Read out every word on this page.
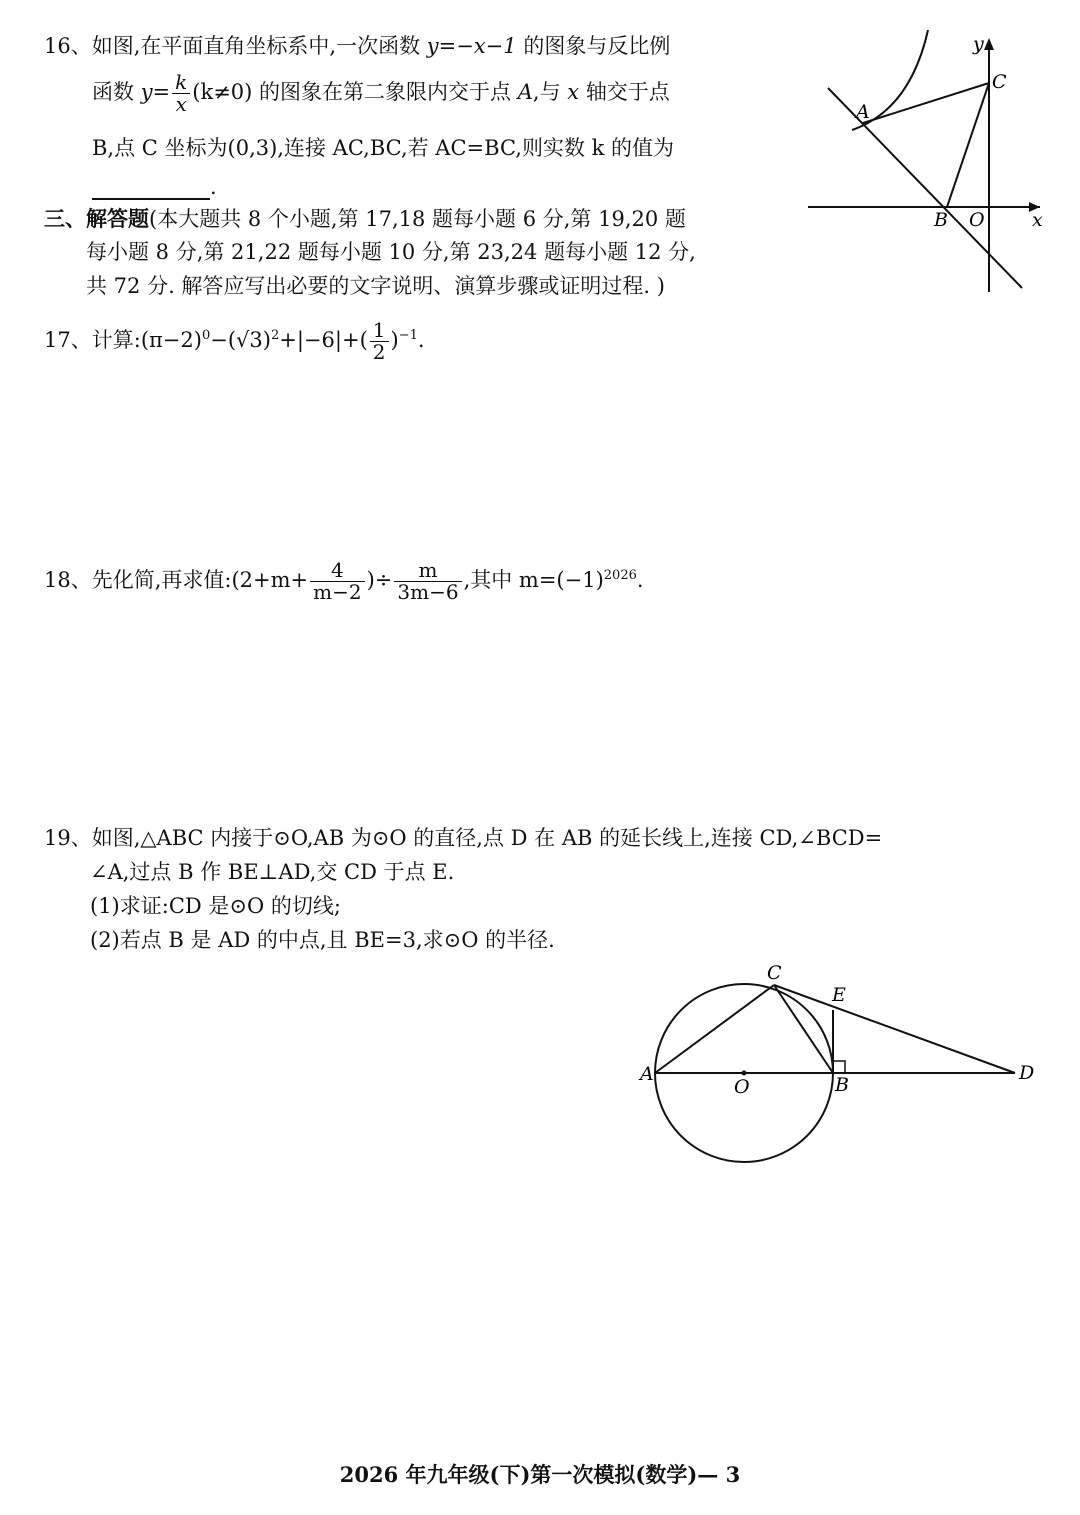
16、如图,在平面直角坐标系中,一次函数 y=−x−1 的图象与反比例
函数 $y= \frac{k}{x} (k\ne 0)$ 的图象在第二象限内交于点 A,与 x 轴交于点
B,点 C 坐标为(0,3),连接 AC,BC,若 AC=BC,则实数 k 的值为
.
A
C
B O x
y
三、解答题(本大题共 8 个小题,第 17,18 题每小题 6 分,第 19,20 题
每小题 8 分,第 21,22 题每小题 10 分,第 23,24 题每小题 12 分,
共 72 分. 解答应写出必要的文字说明、演算步骤或证明过程. )
17、计算$:(\pi-2)^0-(√3)^2+|-6|+( \frac{1}{2} )^{-1}$.
18、先化简,再求值:(2+m+ $\frac{4}{m-2}$ )÷ $\frac{m}{3m-6}$ ,其中 $m=(-1)^{2026}$.
19、如图,△ABC 内接于⊙O,AB 为⊙O 的直径,点 D 在 AB 的延长线上,连接 CD,∠BCD=
∠A,过点 B 作 BE⊥AD,交 CD 于点 E.
(1)求证:CD 是⊙O 的切线;
(2)若点 B 是 AD 的中点,且 BE=3,求⊙O 的半径.
A
O	B
C
E
D
2026 年九年级(下)第一次模拟(数学)— 3
